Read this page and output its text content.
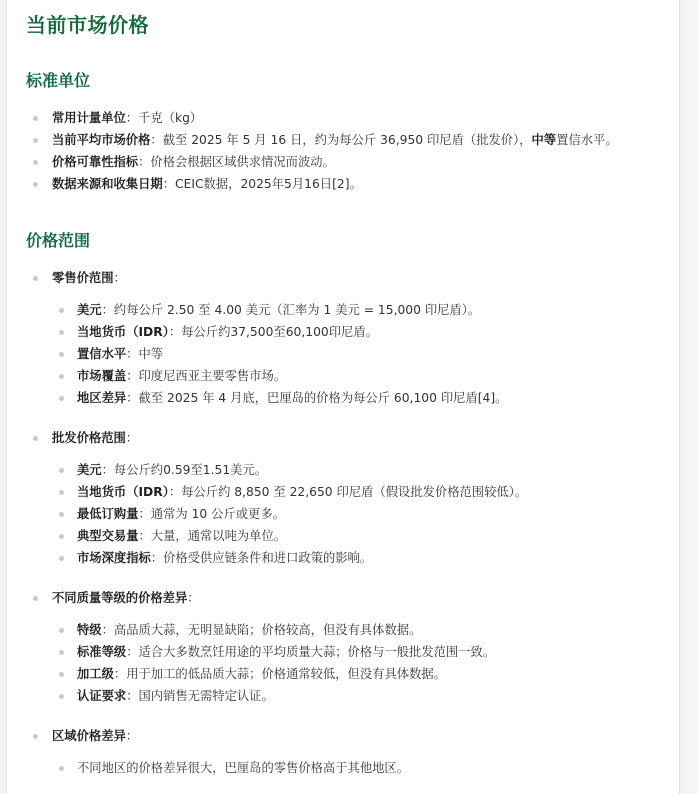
当前市场价格
标准单位
常用计量单位：千克（kg）
当前平均市场价格：截至 2025 年 5 月 16 日，约为每公斤 36,950 印尼盾（批发价），中等置信水平。
价格可靠性指标：价格会根据区域供求情况而波动。
数据来源和收集日期：CEIC数据，2025年5月16日[2]。
价格范围
零售价范围：
美元：约每公斤 2.50 至 4.00 美元（汇率为 1 美元 = 15,000 印尼盾）。
当地货币（IDR）：每公斤约37,500至60,100印尼盾。
置信水平：中等
市场覆盖：印度尼西亚主要零售市场。
地区差异：截至 2025 年 4 月底，巴厘岛的价格为每公斤 60,100 印尼盾[4]。
批发价格范围：
美元：每公斤约0.59至1.51美元。
当地货币（IDR）：每公斤约 8,850 至 22,650 印尼盾（假设批发价格范围较低）。
最低订购量：通常为 10 公斤或更多。
典型交易量：大量，通常以吨为单位。
市场深度指标：价格受供应链条件和进口政策的影响。
不同质量等级的价格差异：
特级：高品质大蒜，无明显缺陷；价格较高，但没有具体数据。
标准等级：适合大多数烹饪用途的平均质量大蒜；价格与一般批发范围一致。
加工级：用于加工的低品质大蒜；价格通常较低，但没有具体数据。
认证要求：国内销售无需特定认证。
区域价格差异：
不同地区的价格差异很大，巴厘岛的零售价格高于其他地区。
